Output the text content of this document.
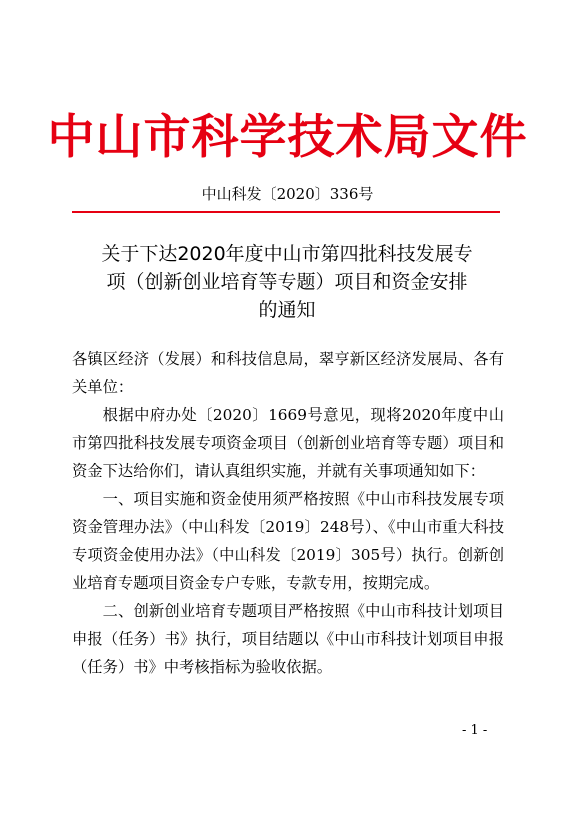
中山市科学技术局文件
中山科发〔2020〕336号
关于下达2020年度中山市第四批科技发展专
项（创新创业培育等专题）项目和资金安排
的通知

各镇区经济（发展）和科技信息局，翠亨新区经济发展局、各有关单位：

根据中府办处〔2020〕1669号意见，现将2020年度中山市第四批科技发展专项资金项目（创新创业培育等专题）项目和资金下达给你们，请认真组织实施，并就有关事项通知如下：

一、项目实施和资金使用须严格按照《中山市科技发展专项资金管理办法》（中山科发〔2019〕248号）、《中山市重大科技专项资金使用办法》（中山科发〔2019〕305号）执行。创新创业培育专题项目资金专户专账，专款专用，按期完成。

二、创新创业培育专题项目严格按照《中山市科技计划项目申报（任务）书》执行，项目结题以《中山市科技计划项目申报（任务）书》中考核指标为验收依据。

- 1 -
